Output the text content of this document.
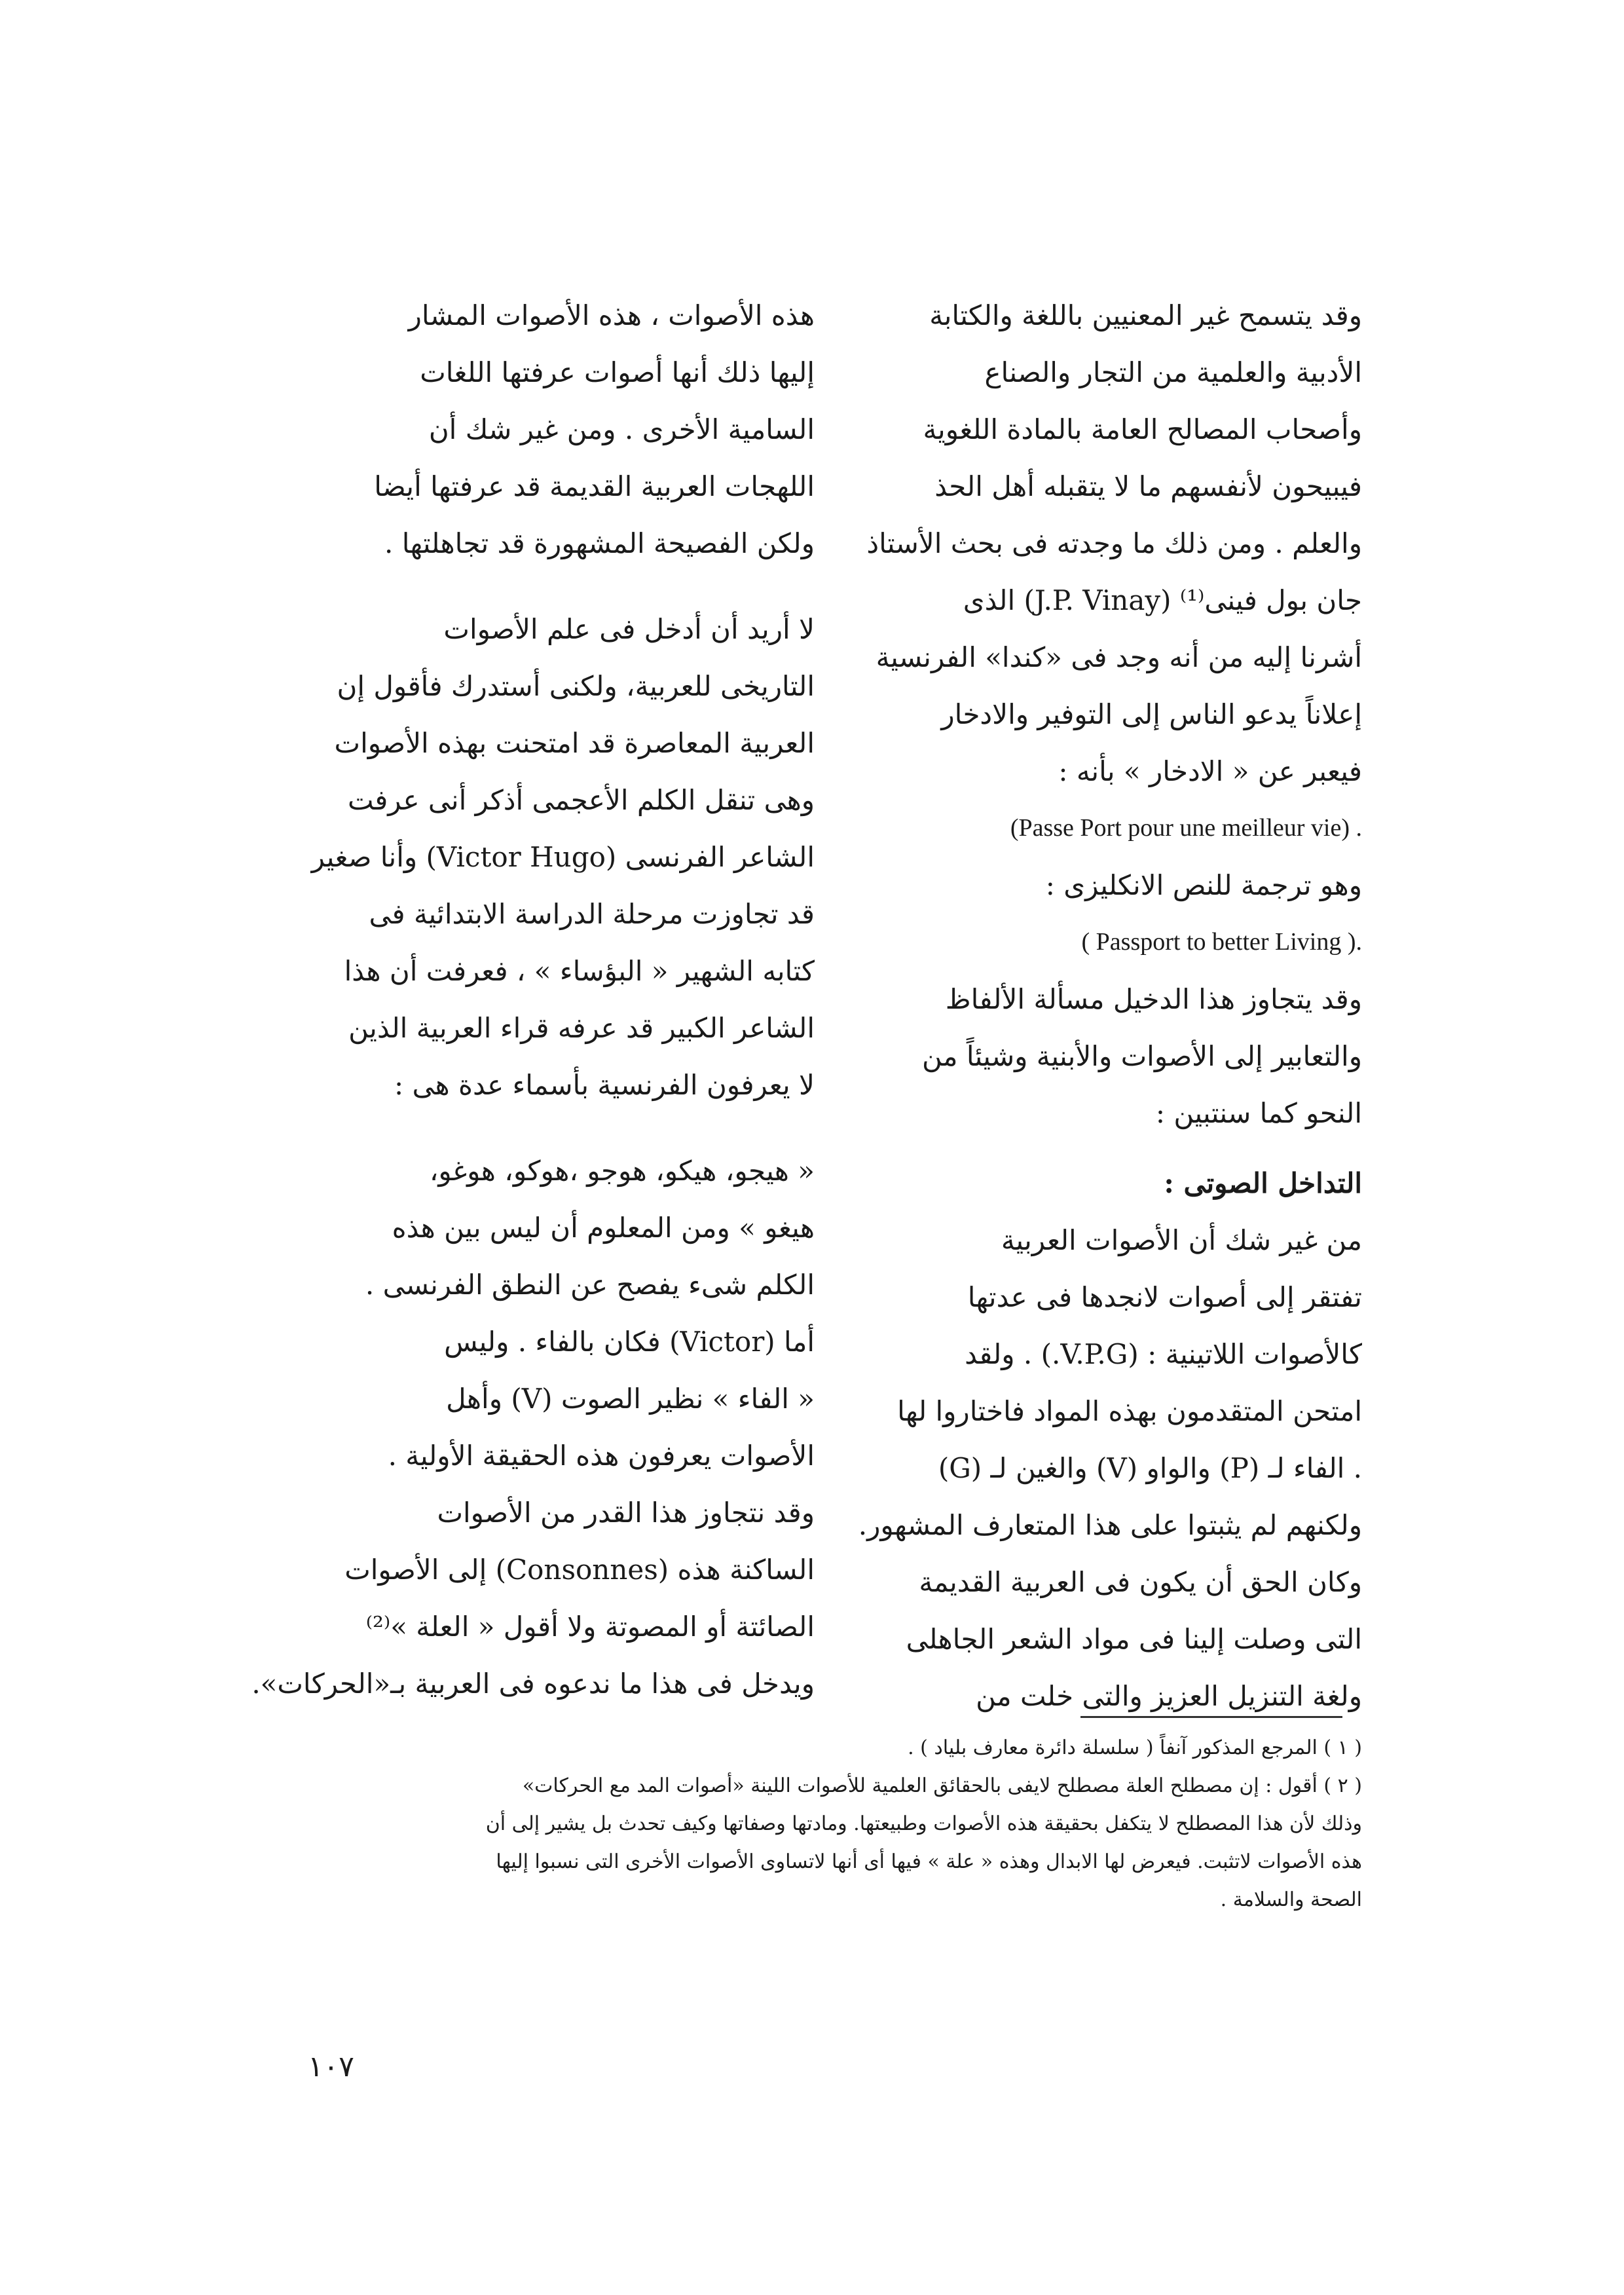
وقد يتسمح غير المعنيين باللغة والكتابة
الأدبية والعلمية من التجار والصناع
وأصحاب المصالح العامة بالمادة اللغوية
فيبيحون لأنفسهم ما لا يتقبله أهل الحذ
والعلم . ومن ذلك ما وجدته فى بحث الأستاذ
جان بول فينى⁽¹⁾ (J.P. Vinay) الذى
أشرنا إليه من أنه وجد فى «كندا» الفرنسية
إعلاناً يدعو الناس إلى التوفير والادخار
فيعبر عن « الادخار » بأنه :
(Passe Port pour une meilleur vie) .
وهو ترجمة للنص الانكليزى :
( Passport to better Living ).
وقد يتجاوز هذا الدخيل مسألة الألفاظ
والتعابير إلى الأصوات والأبنية وشيئاً من
النحو كما سنتبين :
التداخل الصوتى :
من غير شك أن الأصوات العربية
تفتقر إلى أصوات لانجدها فى عدتها
كالأصوات اللاتينية : (V.P.G.) . ولقد
امتحن المتقدمون بهذه المواد فاختاروا لها
. الفاء لـ (P) والواو (V) والغين لـ (G)
ولكنهم لم يثبتوا على هذا المتعارف المشهور.
وكان الحق أن يكون فى العربية القديمة
التى وصلت إلينا فى مواد الشعر الجاهلى
ولغة التنزيل العزيز والتى خلت من
هذه الأصوات ، هذه الأصوات المشار
إليها ذلك أنها أصوات عرفتها اللغات
السامية الأخرى . ومن غير شك أن
اللهجات العربية القديمة قد عرفتها أيضا
ولكن الفصيحة المشهورة قد تجاهلتها .
لا أريد أن أدخل فى علم الأصوات
التاريخى للعربية، ولكنى أستدرك فأقول إن
العربية المعاصرة قد امتحنت بهذه الأصوات
وهى تنقل الكلم الأعجمى أذكر أنى عرفت
الشاعر الفرنسى (Victor Hugo) وأنا صغير
قد تجاوزت مرحلة الدراسة الابتدائية فى
كتابه الشهير « البؤساء » ، فعرفت أن هذا
الشاعر الكبير قد عرفه قراء العربية الذين
لا يعرفون الفرنسية بأسماء عدة هى :
« هيجو، هيكو، هوجو ،هوكو، هوغو،
هيغو » ومن المعلوم أن ليس بين هذه
الكلم شىء يفصح عن النطق الفرنسى .
أما (Victor) فكان بالفاء . وليس
« الفاء » نظير الصوت (V) وأهل
الأصوات يعرفون هذه الحقيقة الأولية .
وقد نتجاوز هذا القدر من الأصوات
الساكنة هذه (Consonnes) إلى الأصوات
الصائتة أو المصوتة ولا أقول « العلة »⁽²⁾
ويدخل فى هذا ما ندعوه فى العربية بـ«الحركات».
( ١ ) المرجع المذكور آنفاً ( سلسلة دائرة معارف بلياد ) .
( ٢ ) أقول : إن مصطلح العلة مصطلح لايفى بالحقائق العلمية للأصوات اللينة «أصوات المد مع الحركات»
وذلك لأن هذا المصطلح لا يتكفل بحقيقة هذه الأصوات وطبيعتها. ومادتها وصفاتها وكيف تحدث بل يشير إلى أن
هذه الأصوات لاتثبت. فيعرض لها الابدال وهذه « علة » فيها أى أنها لاتساوى الأصوات الأخرى التى نسبوا إليها
الصحة والسلامة .
١٠٧
